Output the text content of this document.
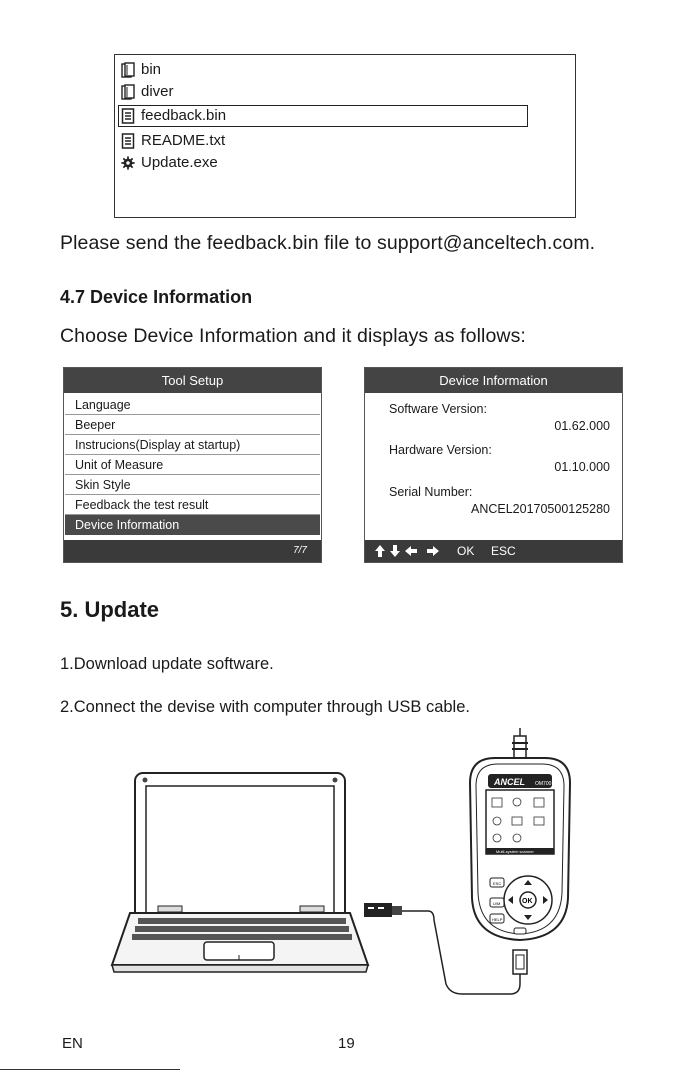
bin
diver
feedback.bin
README.txt
Update.exe
Please send the feedback.bin file to support@anceltech.com.
4.7 Device Information
Choose Device Information and it displays as follows:
Tool Setup
Language
Beeper
Instrucions(Display at startup)
Unit of Measure
Skin Style
Feedback the test result
Device Information
7/7
Device Information
Software Version:
01.62.000
Hardware Version:
01.10.000
Serial Number:
ANCEL20170500125280
OK ESC
5. Update
1.Download update software.
2.Connect the devise with computer through USB cable.
ANCEL OM700
Multi-system scanner
ESC
U/M
HELP
OK
EN	19
